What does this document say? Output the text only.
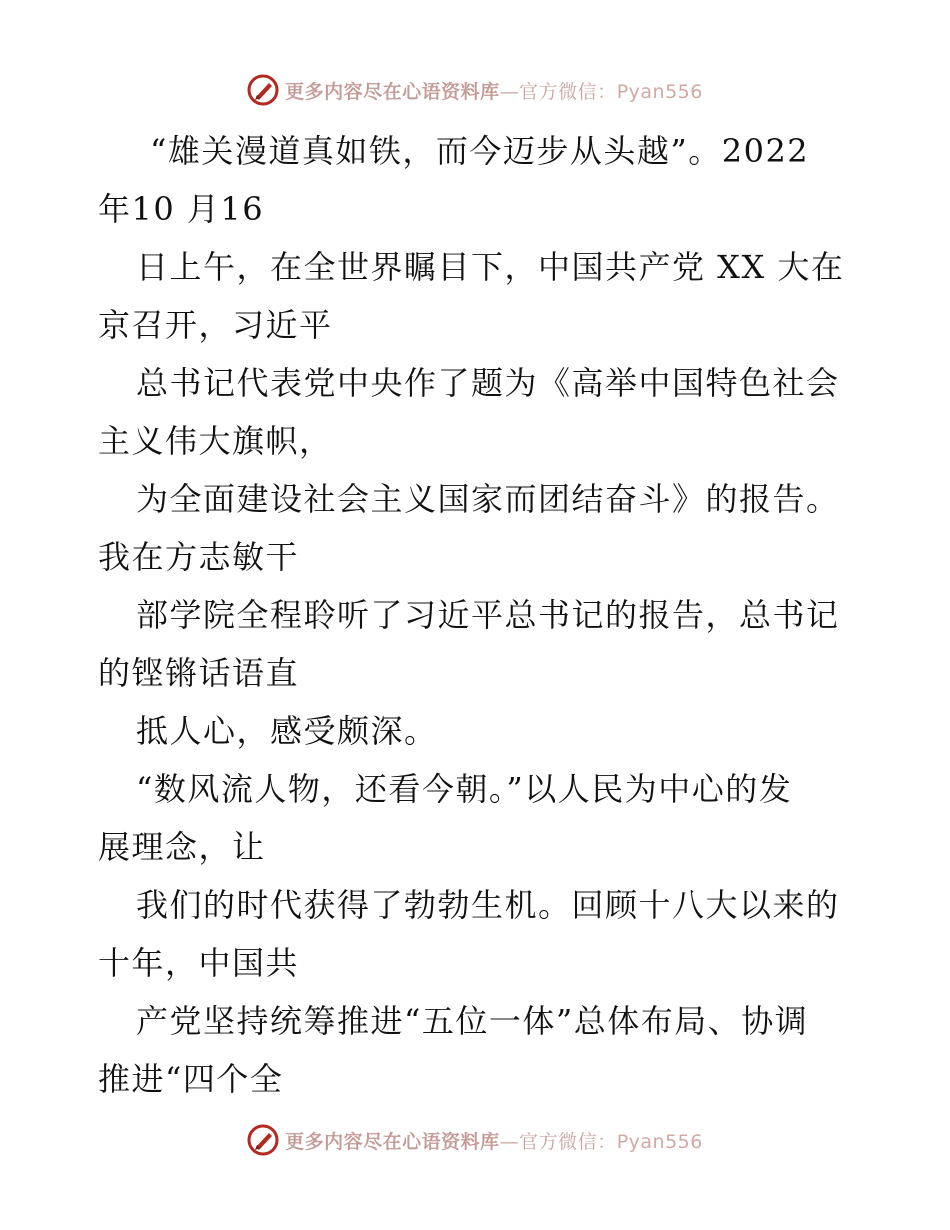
更多内容尽在心语资料库—官方微信：Pyan556
“雄关漫道真如铁，而今迈步从头越”。2022
年10 月16
日上午，在全世界瞩目下，中国共产党 XX 大在
京召开，习近平
总书记代表党中央作了题为《高举中国特色社会
主义伟大旗帜，
为全面建设社会主义国家而团结奋斗》的报告。
我在方志敏干
部学院全程聆听了习近平总书记的报告，总书记
的铿锵话语直
抵人心，感受颇深。
“数风流人物，还看今朝。”以人民为中心的发
展理念，让
我们的时代获得了勃勃生机。回顾十八大以来的
十年，中国共
产党坚持统筹推进“五位一体”总体布局、协调
推进“四个全
更多内容尽在心语资料库—官方微信：Pyan556
